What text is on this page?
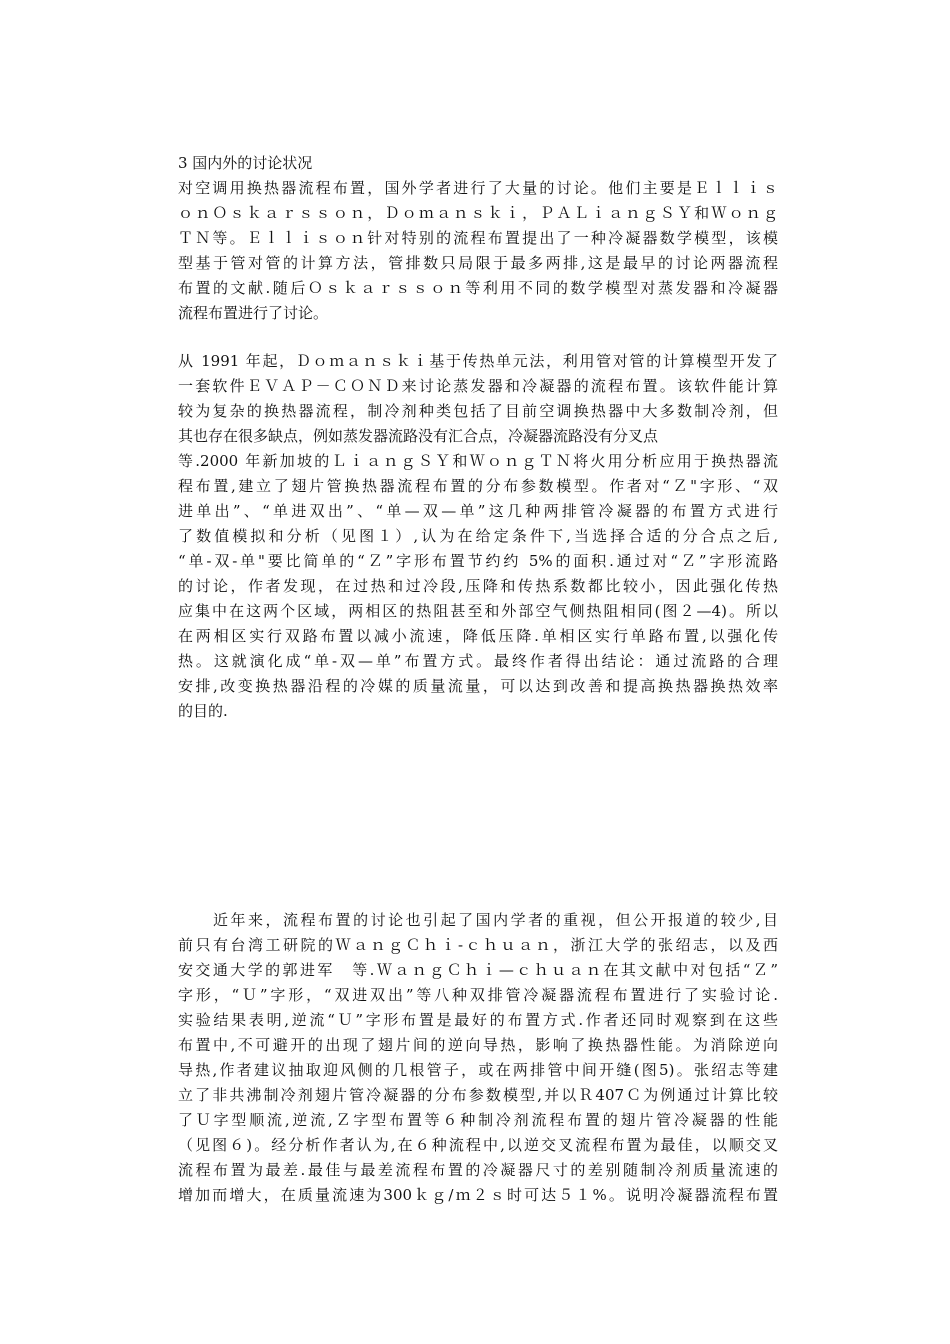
3 国内外的讨论状况
对空调用换热器流程布置，国外学者进行了大量的讨论。他们主要是Ｅｌｌｉｓ
ｏｎＯｓｋａｒｓｓｏｎ，Ｄｏｍａｎｓｋｉ，ＰＡＬｉａｎｇＳＹ和Ｗｏｎｇ
ＴＮ等。Ｅｌｌｉｓｏｎ针对特别的流程布置提出了一种冷凝器数学模型，该模
型基于管对管的计算方法，管排数只局限于最多两排,这是最早的讨论两器流程
布置的文献.随后Ｏｓｋａｒｓｓｏｎ等利用不同的数学模型对蒸发器和冷凝器
流程布置进行了讨论。
从 1991 年起，Ｄｏｍａｎｓｋｉ基于传热单元法，利用管对管的计算模型开发了
一套软件ＥＶＡＰ－ＣＯＮＤ来讨论蒸发器和冷凝器的流程布置。该软件能计算
较为复杂的换热器流程，制冷剂种类包括了目前空调换热器中大多数制冷剂，但
其也存在很多缺点，例如蒸发器流路没有汇合点，冷凝器流路没有分叉点
等.2000 年新加坡的ＬｉａｎｇＳＹ和ＷｏｎｇＴＮ将火用分析应用于换热器流
程布置,建立了翅片管换热器流程布置的分布参数模型。作者对“Ｚ"字形、“双
进单出”、“单进双出”、“单—双—单”这几种两排管冷凝器的布置方式进行
了数值模拟和分析（见图１）,认为在给定条件下,当选择合适的分合点之后,
“单-双-单"要比简单的“Ｚ”字形布置节约约 5%的面积.通过对“Ｚ”字形流路
的讨论，作者发现，在过热和过冷段,压降和传热系数都比较小，因此强化传热
应集中在这两个区域，两相区的热阻甚至和外部空气侧热阻相同(图２—4)。所以
在两相区实行双路布置以减小流速，降低压降.单相区实行单路布置,以强化传
热。这就演化成“单-双—单”布置方式。最终作者得出结论：通过流路的合理
安排,改变换热器沿程的冷媒的质量流量，可以达到改善和提高换热器换热效率
的目的.
　　近年来，流程布置的讨论也引起了国内学者的重视，但公开报道的较少,目
前只有台湾工研院的ＷａｎｇＣｈｉ-ｃｈｕａｎ，浙江大学的张绍志，以及西
安交通大学的郭进军　等.ＷａｎｇＣｈｉ—ｃｈｕａｎ在其文献中对包括“Ｚ”
字形，“Ｕ”字形，“双进双出”等八种双排管冷凝器流程布置进行了实验讨论.
实验结果表明,逆流“Ｕ”字形布置是最好的布置方式.作者还同时观察到在这些
布置中,不可避开的出现了翅片间的逆向导热，影响了换热器性能。为消除逆向
导热,作者建议抽取迎风侧的几根管子，或在两排管中间开缝(图5)。张绍志等建
立了非共沸制冷剂翅片管冷凝器的分布参数模型,并以Ｒ407Ｃ为例通过计算比较
了Ｕ字型顺流,逆流,Ｚ字型布置等６种制冷剂流程布置的翅片管冷凝器的性能
（见图６)。经分析作者认为,在６种流程中,以逆交叉流程布置为最佳，以顺交叉
流程布置为最差.最佳与最差流程布置的冷凝器尺寸的差别随制冷剂质量流速的
增加而增大，在质量流速为300ｋｇ/ｍ２ｓ时可达５１%。说明冷凝器流程布置
